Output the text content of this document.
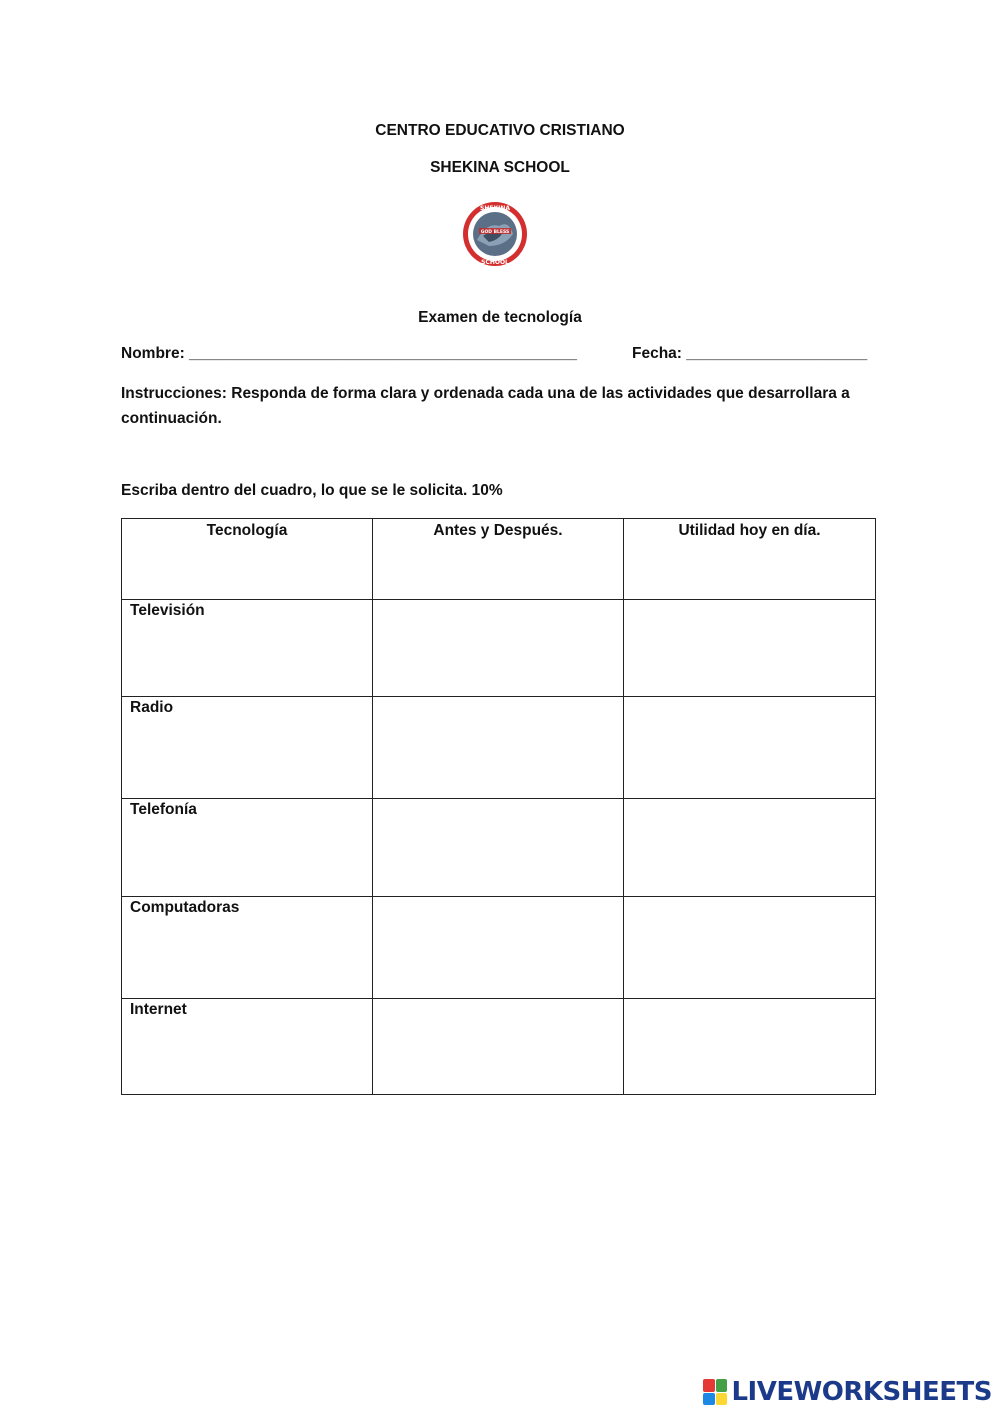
CENTRO EDUCATIVO CRISTIANO
SHEKINA SCHOOL
SHEKINA
GOD BLESS
SCHOOL
Examen de tecnología
Nombre: _____________________________________________	Fecha: _____________________
Instrucciones: Responda de forma clara y ordenada cada una de las actividades que desarrollara a continuación.
Escriba dentro del cuadro, lo que se le solicita. 10%
Tecnología	Antes y Después.	Utilidad hoy en día.
Televisión		
Radio		
Telefonía		
Computadoras		
Internet		
LIVEWORKSHEETS
